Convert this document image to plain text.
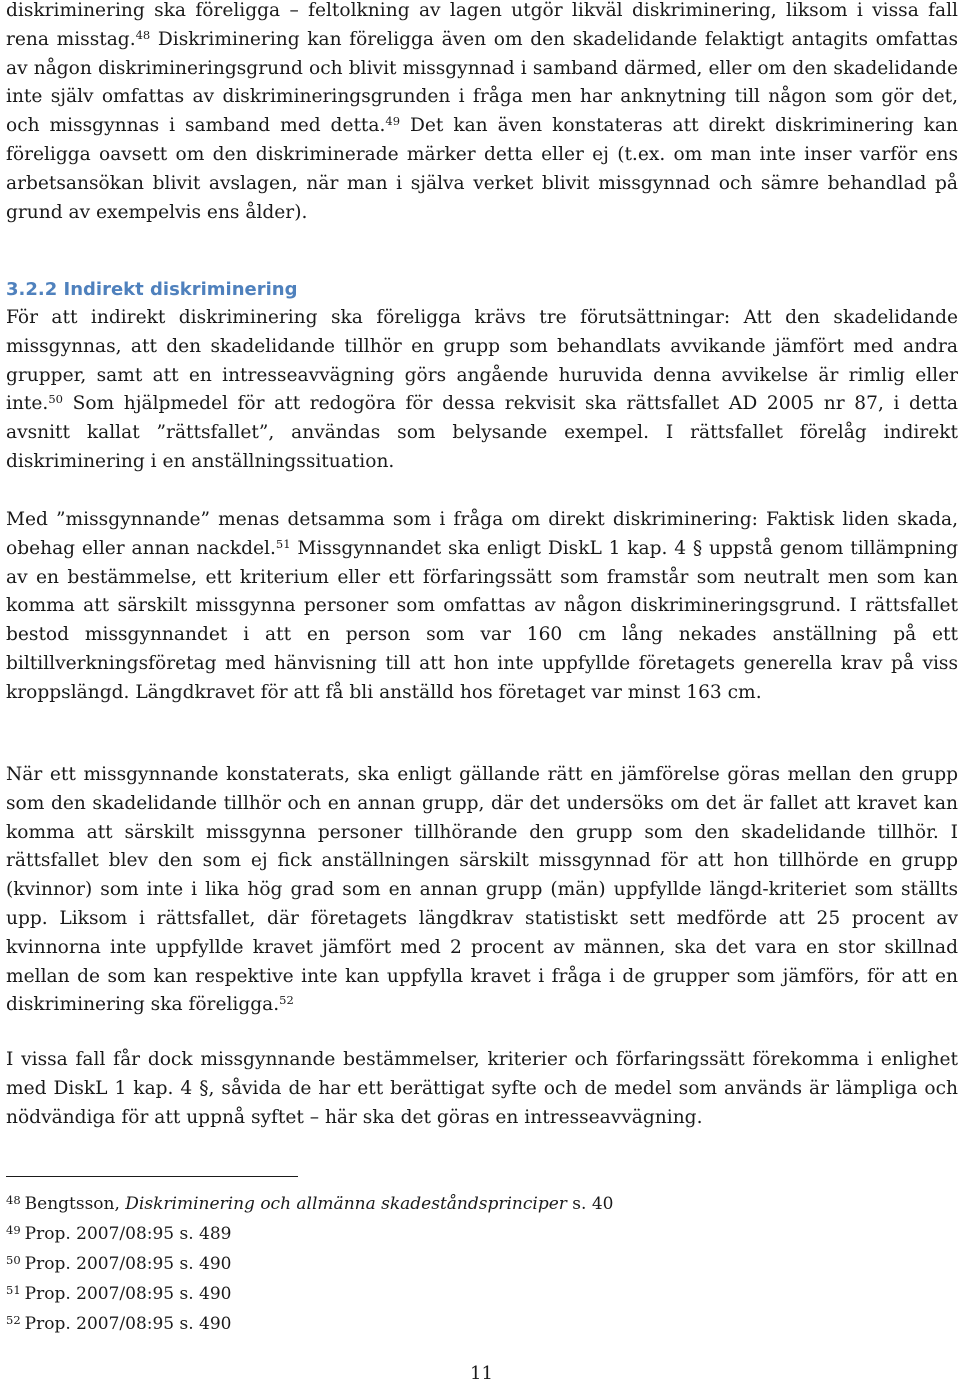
diskriminering ska föreligga – feltolkning av lagen utgör likväl diskriminering, liksom i vissa fall rena misstag.$^{48}$ Diskriminering kan föreligga även om den skadelidande felaktigt antagits omfattas av någon diskrimineringsgrund och blivit missgynnad i samband därmed, eller om den skadelidande inte själv omfattas av diskrimineringsgrunden i fråga men har anknytning till någon som gör det, och missgynnas i samband med detta.$^{49}$ Det kan även konstateras att direkt diskriminering kan föreligga oavsett om den diskriminerade märker detta eller ej (t.ex. om man inte inser varför ens arbetsansökan blivit avslagen, när man i själva verket blivit missgynnad och sämre behandlad på grund av exempelvis ens ålder).

3.2.2 Indirekt diskriminering

För att indirekt diskriminering ska föreligga krävs tre förutsättningar: Att den skadelidande missgynnas, att den skadelidande tillhör en grupp som behandlats avvikande jämfört med andra grupper, samt att en intresseavvägning görs angående huruvida denna avvikelse är rimlig eller inte.$^{50}$ Som hjälpmedel för att redogöra för dessa rekvisit ska rättsfallet AD 2005 nr 87, i detta avsnitt kallat ”rättsfallet”, användas som belysande exempel. I rättsfallet förelåg indirekt diskriminering i en anställningssituation.

Med ”missgynnande” menas detsamma som i fråga om direkt diskriminering: Faktisk liden skada, obehag eller annan nackdel.$^{51}$ Missgynnandet ska enligt DiskL 1 kap. 4 § uppstå genom tillämpning av en bestämmelse, ett kriterium eller ett förfaringssätt som framstår som neutralt men som kan komma att särskilt missgynna personer som omfattas av någon diskrimineringsgrund. I rättsfallet bestod missgynnandet i att en person som var 160 cm lång nekades anställning på ett biltillverkningsföretag med hänvisning till att hon inte uppfyllde företagets generella krav på viss kroppslängd. Längdkravet för att få bli anställd hos företaget var minst 163 cm.

När ett missgynnande konstaterats, ska enligt gällande rätt en jämförelse göras mellan den grupp som den skadelidande tillhör och en annan grupp, där det undersöks om det är fallet att kravet kan komma att särskilt missgynna personer tillhörande den grupp som den skadelidande tillhör. I rättsfallet blev den som ej fick anställningen särskilt missgynnad för att hon tillhörde en grupp (kvinnor) som inte i lika hög grad som en annan grupp (män) uppfyllde längd-kriteriet som ställts upp. Liksom i rättsfallet, där företagets längdkrav statistiskt sett medförde att 25 procent av kvinnorna inte uppfyllde kravet jämfört med 2 procent av männen, ska det vara en stor skillnad mellan de som kan respektive inte kan uppfylla kravet i fråga i de grupper som jämförs, för att en diskriminering ska föreligga.$^{52}$

I vissa fall får dock missgynnande bestämmelser, kriterier och förfaringssätt förekomma i enlighet med DiskL 1 kap. 4 §, såvida de har ett berättigat syfte och de medel som används är lämpliga och nödvändiga för att uppnå syftet – här ska det göras en intresseavvägning.

$^{48}$ Bengtsson, Diskriminering och allmänna skadeståndsprinciper s. 40

$^{49}$ Prop. 2007/08:95 s. 489

$^{50}$ Prop. 2007/08:95 s. 490

$^{51}$ Prop. 2007/08:95 s. 490

$^{52}$ Prop. 2007/08:95 s. 490

11
